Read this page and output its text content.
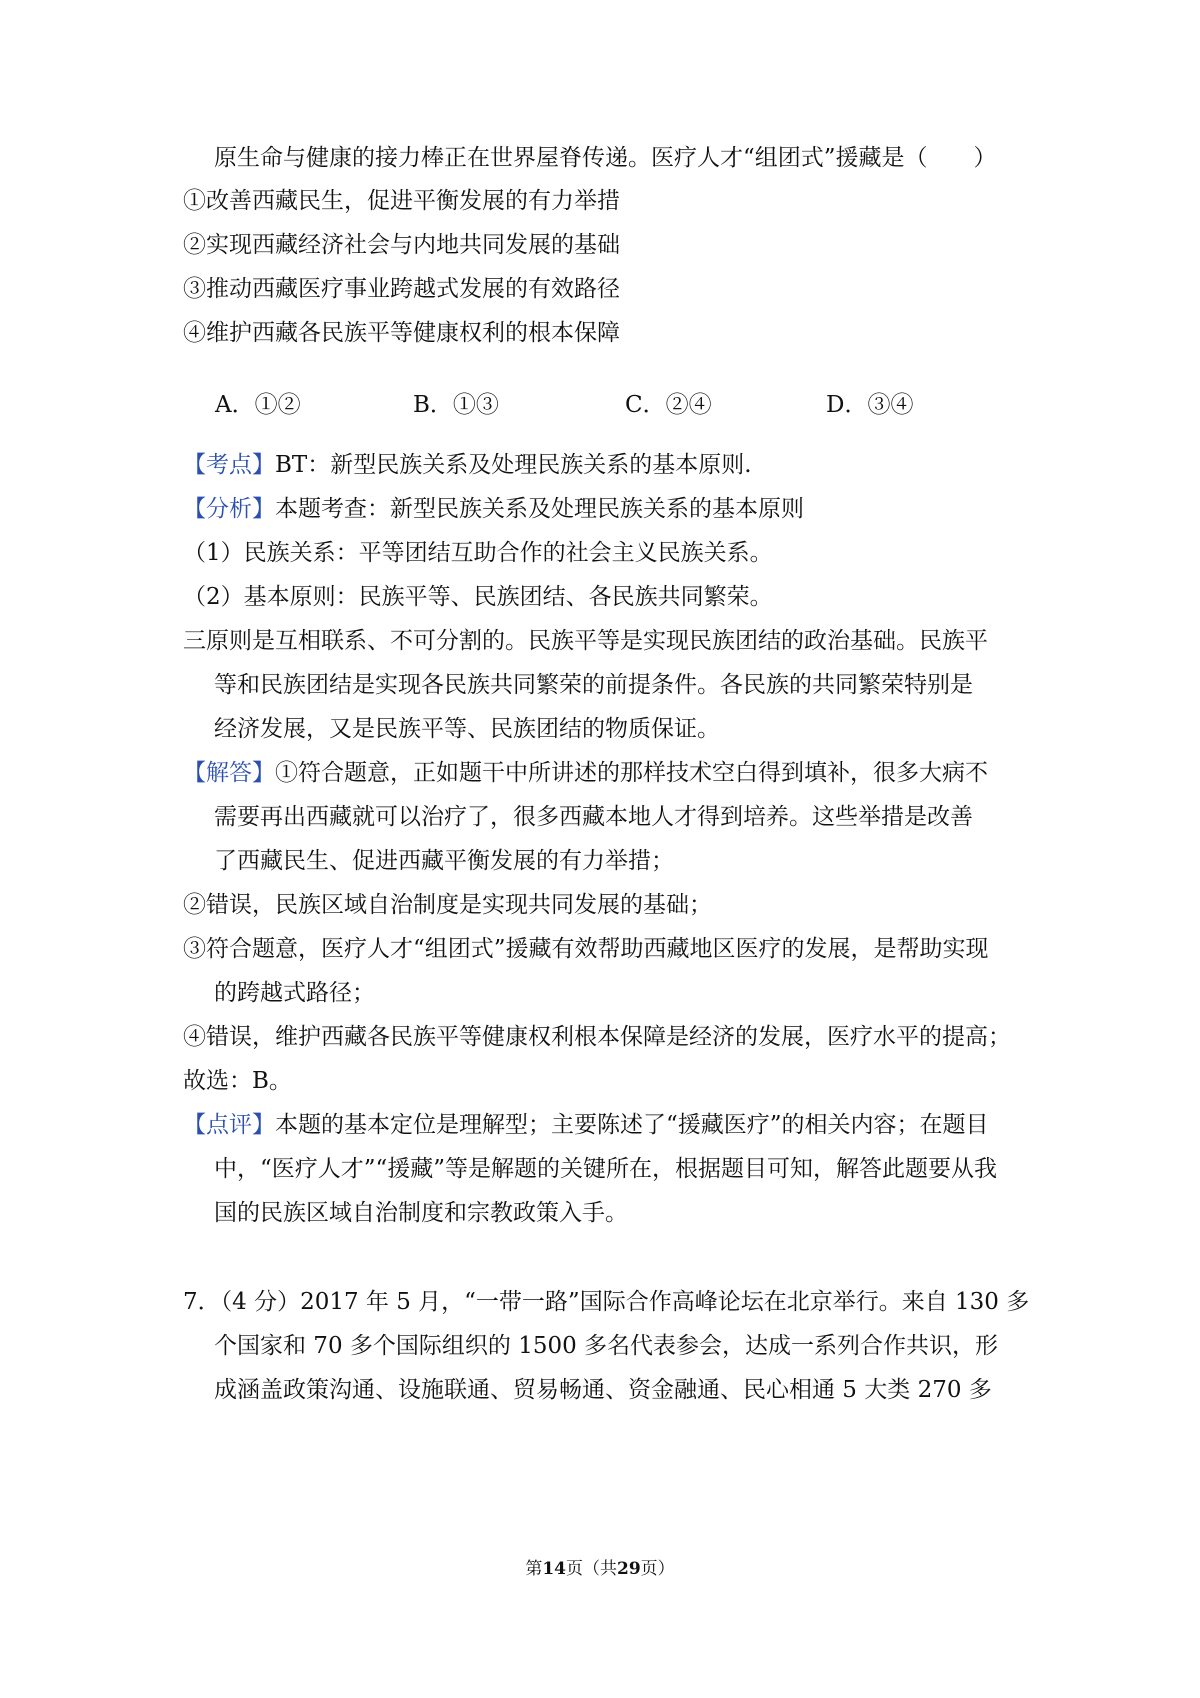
原生命与健康的接力棒正在世界屋脊传递。医疗人才“组团式”援藏是（　　）
①改善西藏民生，促进平衡发展的有力举措
②实现西藏经济社会与内地共同发展的基础
③推动西藏医疗事业跨越式发展的有效路径
④维护西藏各民族平等健康权利的根本保障
A．①②	B．①③	C．②④	D．③④
【考点】BT：新型民族关系及处理民族关系的基本原则.
【分析】本题考查：新型民族关系及处理民族关系的基本原则
（1）民族关系：平等团结互助合作的社会主义民族关系。
（2）基本原则：民族平等、民族团结、各民族共同繁荣。
三原则是互相联系、不可分割的。民族平等是实现民族团结的政治基础。民族平
等和民族团结是实现各民族共同繁荣的前提条件。各民族的共同繁荣特别是
经济发展，又是民族平等、民族团结的物质保证。
【解答】①符合题意，正如题干中所讲述的那样技术空白得到填补，很多大病不
需要再出西藏就可以治疗了，很多西藏本地人才得到培养。这些举措是改善
了西藏民生、促进西藏平衡发展的有力举措；
②错误，民族区域自治制度是实现共同发展的基础；
③符合题意，医疗人才“组团式”援藏有效帮助西藏地区医疗的发展，是帮助实现
的跨越式路径；
④错误，维护西藏各民族平等健康权利根本保障是经济的发展，医疗水平的提高；
故选：B。
【点评】本题的基本定位是理解型；主要陈述了“援藏医疗”的相关内容；在题目
中，“医疗人才”“援藏”等是解题的关键所在，根据题目可知，解答此题要从我
国的民族区域自治制度和宗教政策入手。
7．（4 分）2017 年 5 月，“一带一路”国际合作高峰论坛在北京举行。来自 130 多
个国家和 70 多个国际组织的 1500 多名代表参会，达成一系列合作共识，形
成涵盖政策沟通、设施联通、贸易畅通、资金融通、民心相通 5 大类 270 多
第14页（共29页）
